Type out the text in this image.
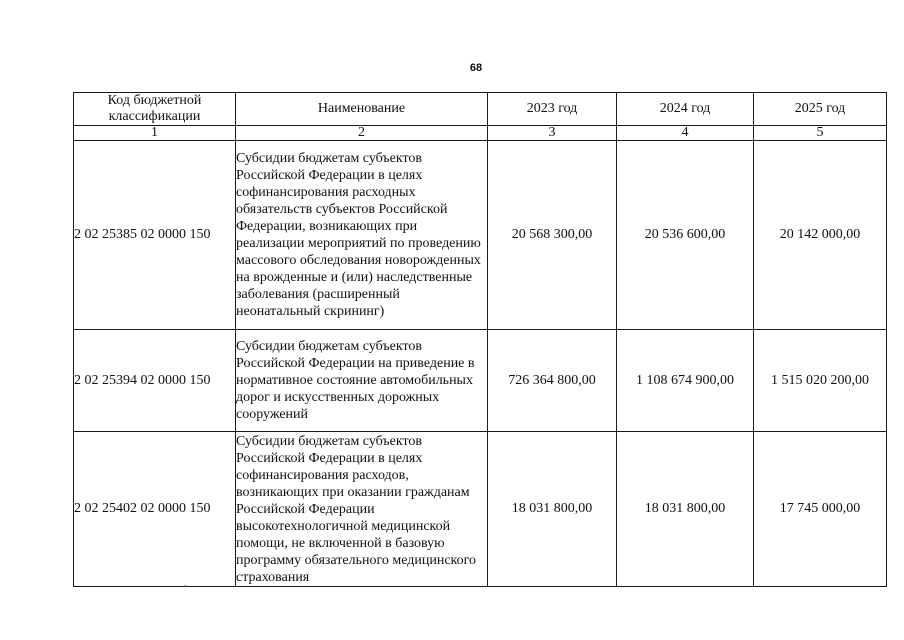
68
Код бюджетной классификации	Наименование	2023 год	2024 год	2025 год
1	2	3	4	5
2 02 25385 02 0000 150	Субсидии бюджетам субъектов Российской Федерации в целях софинансирования расходных обязательств субъектов Российской Федерации, возникающих при реализации мероприятий по проведению массового обследования новорожденных на врожденные и (или) наследственные заболевания (расширенный неонатальный скрининг)	20 568 300,00	20 536 600,00	20 142 000,00
2 02 25394 02 0000 150	Субсидии бюджетам субъектов Российской Федерации на приведение в нормативное состояние автомобильных дорог и искусственных дорожных сооружений	726 364 800,00	1 108 674 900,00	1 515 020 200,00
2 02 25402 02 0000 150	Субсидии бюджетам субъектов Российской Федерации в целях софинансирования расходов, возникающих при оказании гражданам Российской Федерации высокотехнологичной медицинской помощи, не включенной в базовую программу обязательного медицинского страхования	18 031 800,00	18 031 800,00	17 745 000,00
•
